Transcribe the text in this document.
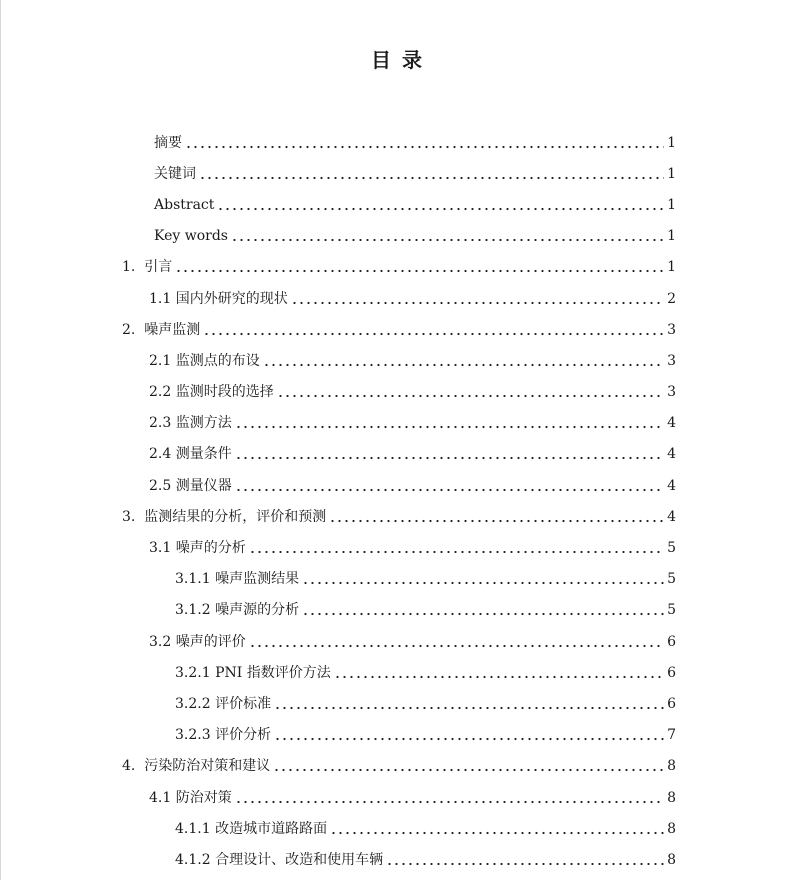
目 录
摘要	1
关键词	1
Abstract	1
Key words	1
1.  引言	1
1.1 国内外研究的现状	2
2.  噪声监测	3
2.1 监测点的布设	3
2.2 监测时段的选择	3
2.3 监测方法	4
2.4 测量条件	4
2.5 测量仪器	4
3.  监测结果的分析，评价和预测	4
3.1 噪声的分析	5
3.1.1 噪声监测结果	5
3.1.2 噪声源的分析	5
3.2 噪声的评价	6
3.2.1 PNI 指数评价方法	6
3.2.2 评价标准	6
3.2.3 评价分析	7
4.  污染防治对策和建议	8
4.1 防治对策	8
4.1.1 改造城市道路路面	8
4.1.2 合理设计、改造和使用车辆	8
